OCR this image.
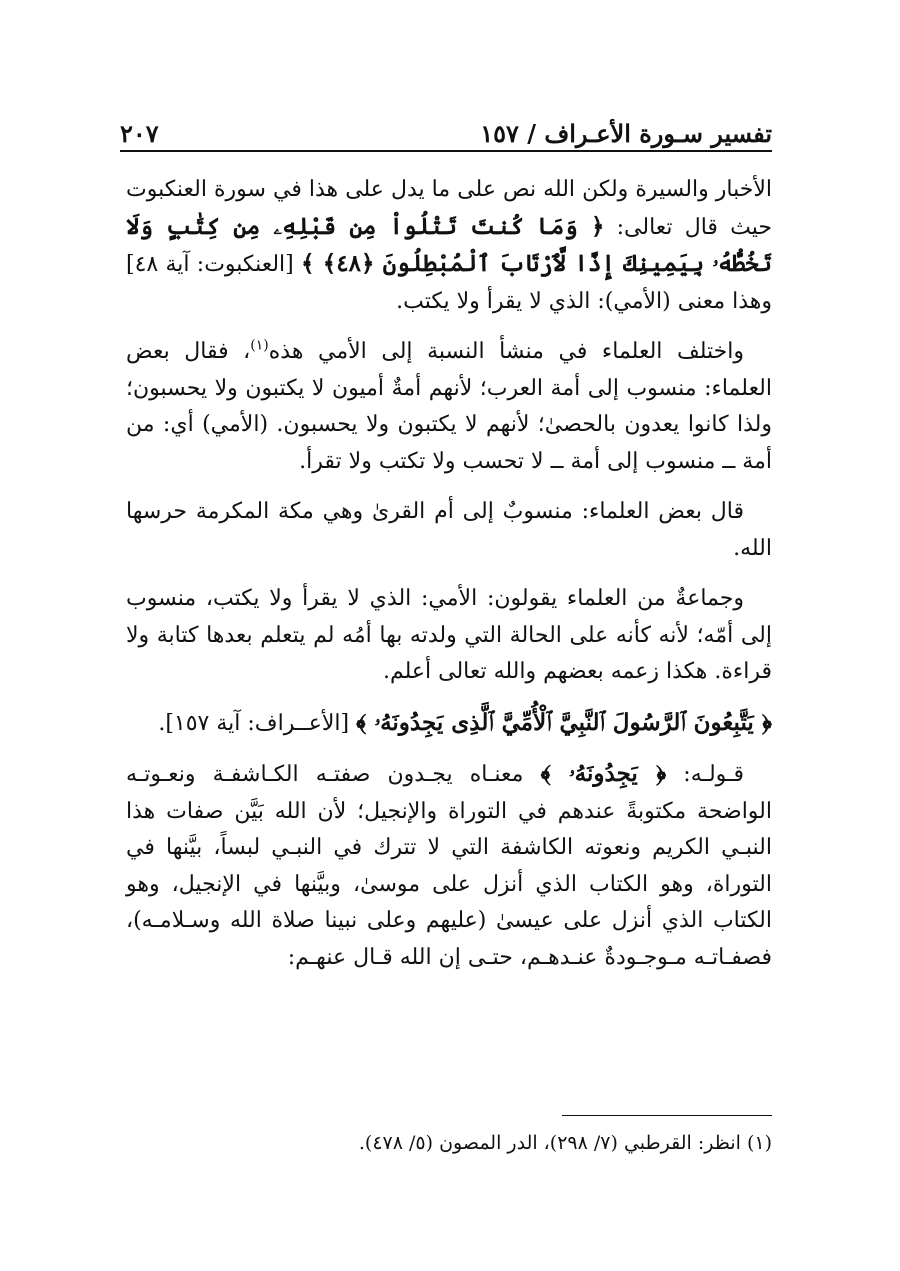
تفسير سـورة الأعـراف / ١٥٧
٢٠٧

الأخبار والسيرة ولكن الله نص على ما يدل على هذا في سورة العنكبوت حيث قال تعالى: ﴿ وَمَا كُنتَ تَتْلُواْ مِن قَبْلِهِۦ مِن كِتَٰبٍ وَلَا تَخُطُّهُۥ بِيَمِينِكَ إِذًا لَّٱرْتَابَ ٱلْمُبْطِلُونَ ﴿٤٨﴾ ﴾ [العنكبوت: آية ٤٨] وهذا معنى (الأمي): الذي لا يقرأ ولا يكتب.

واختلف العلماء في منشأ النسبة إلى الأمي هذه$^{(١)}$، فقال بعض العلماء: منسوب إلى أمة العرب؛ لأنهم أمةٌ أميون لا يكتبون ولا يحسبون؛ ولذا كانوا يعدون بالحصىٰ؛ لأنهم لا يكتبون ولا يحسبون. (الأمي) أي: من أمة ــ منسوب إلى أمة ــ لا تحسب ولا تكتب ولا تقرأ.

قال بعض العلماء: منسوبٌ إلى أم القرىٰ وهي مكة المكرمة حرسها الله.

وجماعةٌ من العلماء يقولون: الأمي: الذي لا يقرأ ولا يكتب، منسوب إلى أمّه؛ لأنه كأنه على الحالة التي ولدته بها أمُه لم يتعلم بعدها كتابة ولا قراءة. هكذا زعمه بعضهم والله تعالى أعلم.

﴿ يَتَّبِعُونَ ٱلرَّسُولَ ٱلنَّبِيَّ ٱلْأُمِّيَّ ٱلَّذِى يَجِدُونَهُۥ ﴾ [الأعــراف: آية ١٥٧].

قـولـه: ﴿ يَجِدُونَهُۥ ﴾ معنـاه يجـدون صفتـه الكـاشفـة ونعـوتـه الواضحة مكتوبةً عندهم في التوراة والإنجيل؛ لأن الله بَيَّن صفات هذا النبـي الكريم ونعوته الكاشفة التي لا تترك في النبـي لبساً، بيَّنها في التوراة، وهو الكتاب الذي أنزل على موسىٰ، وبيَّنها في الإنجيل، وهو الكتاب الذي أنزل على عيسىٰ (عليهم وعلى نبينا صلاة الله وسـلامـه)، فصفـاتـه مـوجـودةٌ عنـدهـم، حتـى إن الله قـال عنهـم:

(١) انظر: القرطبي (٧/ ٢٩٨)، الدر المصون (٥/ ٤٧٨).
